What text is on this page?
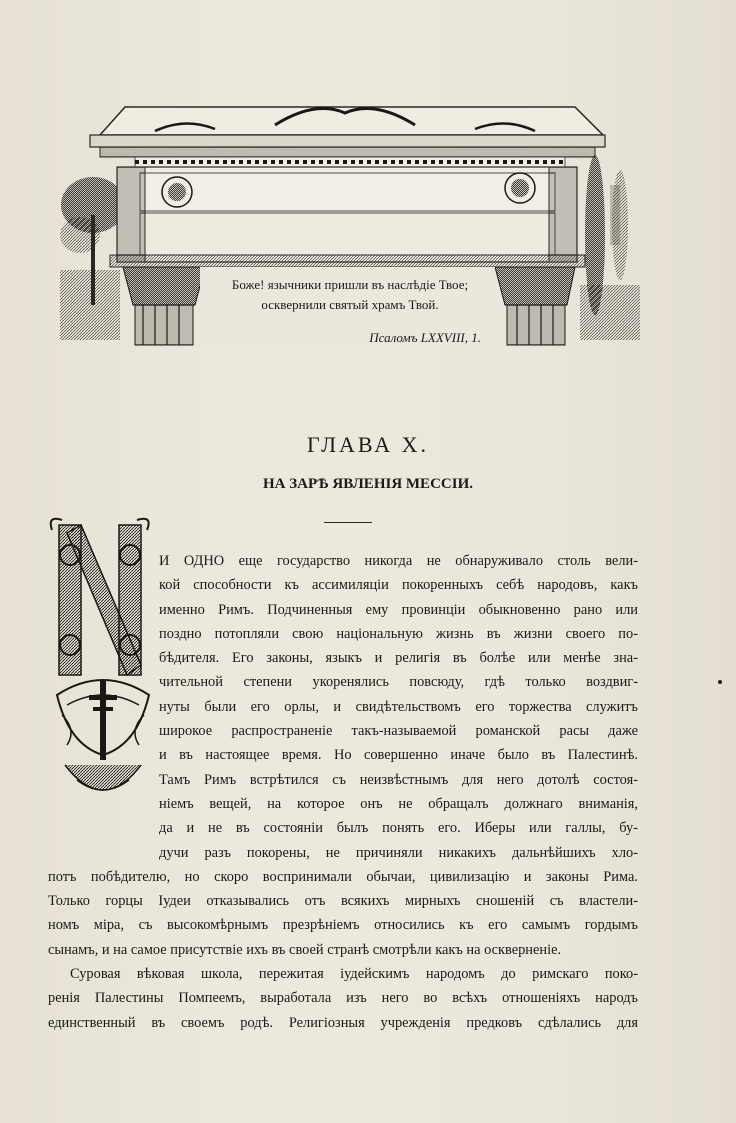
Боже! язычники пришли въ наслѣдіе Твое;
осквернили святый храмъ Твой.
Псаломъ LXXVIII, 1.
ГЛАВА X.
НА ЗАРѢ ЯВЛЕНІЯ МЕССІИ.
И ОДНО еще государство никогда не обнаруживало столь вели-
кой способности къ ассимиляціи покоренныхъ себѣ народовъ, какъ
именно Римъ. Подчиненныя ему провинціи обыкновенно рано или
поздно потопляли свою національную жизнь въ жизни своего по-
бѣдителя. Его законы, языкъ и религія въ болѣе или менѣе зна-
чительной степени укоренялись повсюду, гдѣ только воздвиг-
нуты были его орлы, и свидѣтельствомъ его торжества служитъ
широкое распространеніе такъ-называемой романской расы даже
и въ настоящее время. Но совершенно иначе было въ Палестинѣ.
Тамъ Римъ встрѣтился съ неизвѣстнымъ для него дотолѣ состоя-
ніемъ вещей, на которое онъ не обращалъ должнаго вниманія,
да и не въ состояніи былъ понять его. Иберы или галлы, бу-
дучи разъ покорены, не причиняли никакихъ дальнѣйшихъ хло-
потъ побѣдителю, но скоро воспринимали обычаи, цивилизацію и законы Рима.
Только горцы Іудеи отказывались отъ всякихъ мирныхъ сношеній съ властели-
номъ міра, съ высокомѣрнымъ презрѣніемъ относились къ его самымъ гордымъ
сынамъ, и на самое присутствіе ихъ въ своей странѣ смотрѣли какъ на оскверненіе.
Суровая вѣковая школа, пережитая іудейскимъ народомъ до римскаго поко-
ренія Палестины Помпеемъ, выработала изъ него во всѣхъ отношеніяхъ народъ
единственный въ своемъ родѣ. Религіозныя учрежденія предковъ сдѣлались для
